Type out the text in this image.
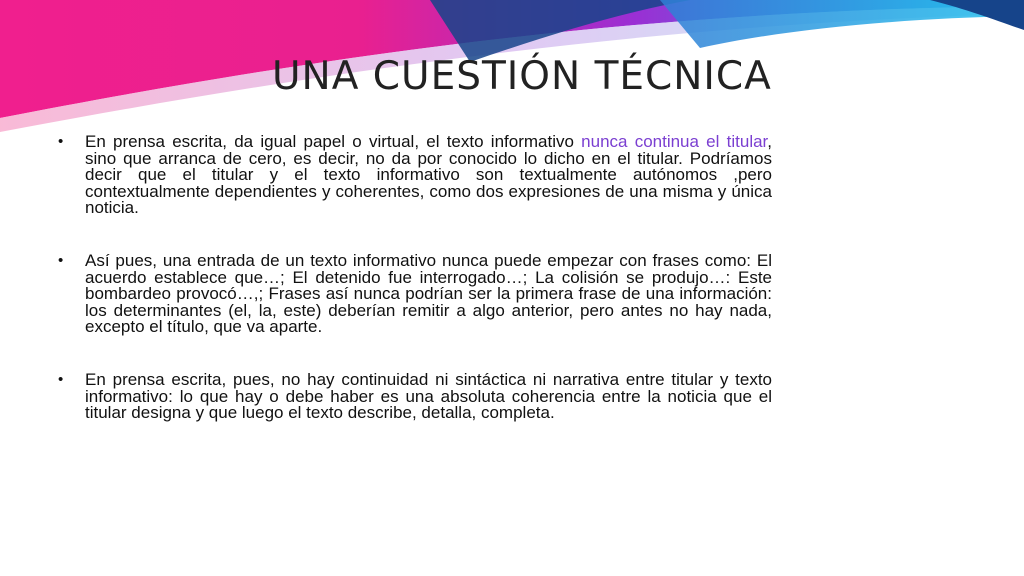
UNA CUESTIÓN TÉCNICA
•	En prensa escrita, da igual papel o virtual, el texto informativo nunca continua el titular, sino que arranca de cero, es decir, no da por conocido lo dicho en el titular. Podríamos decir que el titular y el texto informativo son textualmente autónomos ,pero contextualmente dependientes y coherentes, como dos expresiones de una misma y única noticia.
•	Así pues, una entrada de un texto informativo nunca puede empezar con frases como: El acuerdo establece que…; El detenido fue interrogado…; La colisión se produjo…: Este bombardeo provocó…,; Frases así nunca podrían ser la primera frase de una información: los determinantes (el, la, este) deberían remitir a algo anterior, pero antes no hay nada, excepto el título, que va aparte.
•	En prensa escrita, pues, no hay continuidad ni sintáctica ni narrativa entre titular y texto informativo: lo que hay o debe haber es una absoluta coherencia entre la noticia que el titular designa y que luego el texto describe, detalla, completa.
